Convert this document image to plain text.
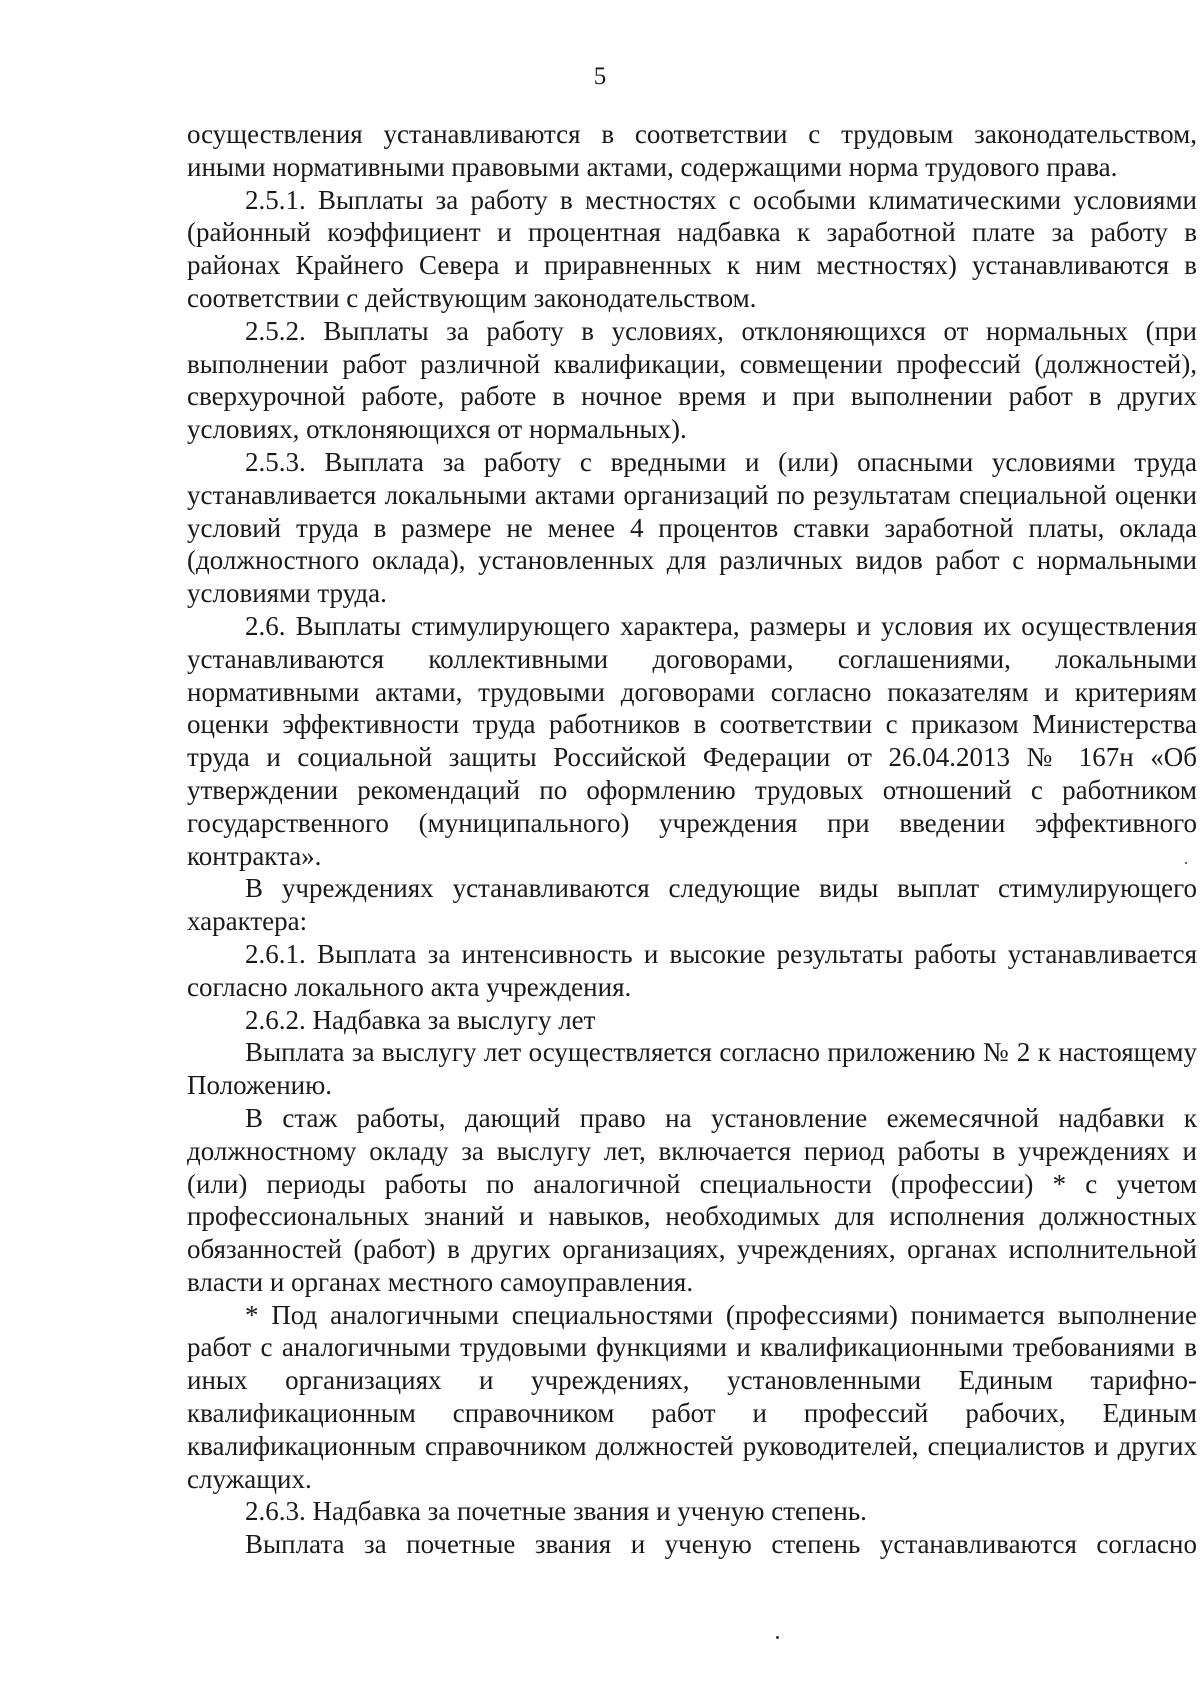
5

осуществления устанавливаются в соответствии с трудовым законодательством, иными нормативными правовыми актами, содержащими норма трудового права.

2.5.1. Выплаты за работу в местностях с особыми климатическими условиями (районный коэффициент и процентная надбавка к заработной плате за работу в районах Крайнего Севера и приравненных к ним местностях) устанавливаются в соответствии с действующим законодательством.

2.5.2. Выплаты за работу в условиях, отклоняющихся от нормальных (при выполнении работ различной квалификации, совмещении профессий (должностей), сверхурочной работе, работе в ночное время и при выполнении работ в других условиях, отклоняющихся от нормальных).

2.5.3. Выплата за работу с вредными и (или) опасными условиями труда устанавливается локальными актами организаций по результатам специальной оценки условий труда в размере не менее 4 процентов ставки заработной платы, оклада (должностного оклада), установленных для различных видов работ с нормальными условиями труда.

2.6. Выплаты стимулирующего характера, размеры и условия их осуществления устанавливаются коллективными договорами, соглашениями, локальными нормативными актами, трудовыми договорами согласно показателям и критериям оценки эффективности труда работников в соответствии с приказом Министерства труда и социальной защиты Российской Федерации от 26.04.2013 № 167н «Об утверждении рекомендаций по оформлению трудовых отношений с работником государственного (муниципального) учреждения при введении эффективного контракта».

В учреждениях устанавливаются следующие виды выплат стимулирующего характера:

2.6.1. Выплата за интенсивность и высокие результаты работы устанавливается согласно локального акта учреждения.

2.6.2. Надбавка за выслугу лет

Выплата за выслугу лет осуществляется согласно приложению № 2 к настоящему Положению.

В стаж работы, дающий право на установление ежемесячной надбавки к должностному окладу за выслугу лет, включается период работы в учреждениях и (или) периоды работы по аналогичной специальности (профессии) * с учетом профессиональных знаний и навыков, необходимых для исполнения должностных обязанностей (работ) в других организациях, учреждениях, органах исполнительной власти и органах местного самоуправления.

* Под аналогичными специальностями (профессиями) понимается выполнение работ с аналогичными трудовыми функциями и квалификационными требованиями в иных организациях и учреждениях, установленными Единым тарифно-квалификационным справочником работ и профессий рабочих, Единым квалификационным справочником должностей руководителей, специалистов и других служащих.

2.6.3. Надбавка за почетные звания и ученую степень.

Выплата за почетные звания и ученую степень устанавливаются согласно
